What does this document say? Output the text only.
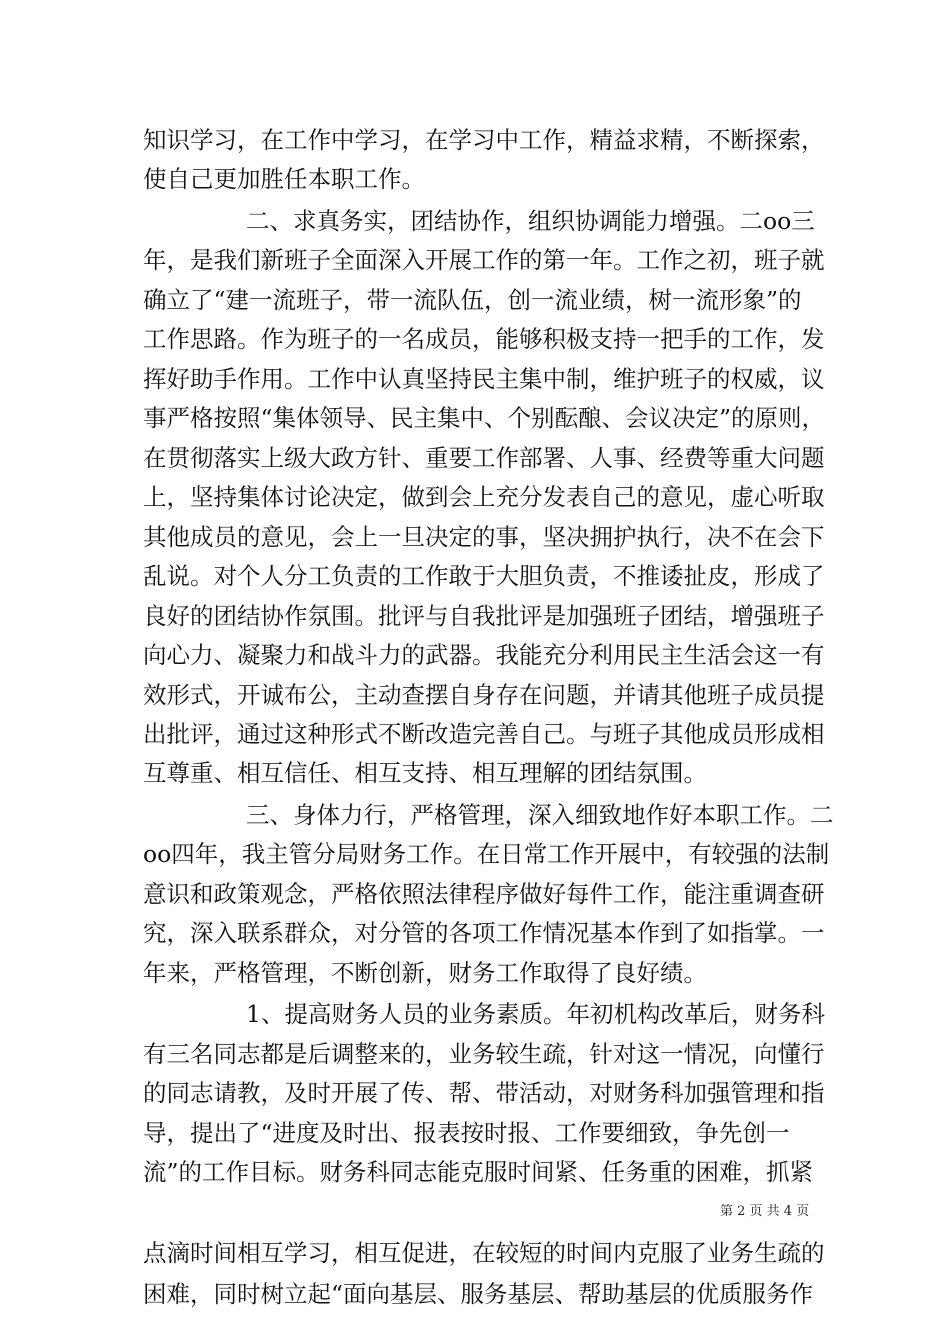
知识学习，在工作中学习，在学习中工作，精益求精，不断探索，
使自己更加胜任本职工作。
二、求真务实，团结协作，组织协调能力增强。二oo三
年，是我们新班子全面深入开展工作的第一年。工作之初，班子就
确立了“建一流班子，带一流队伍，创一流业绩，树一流形象”的
工作思路。作为班子的一名成员，能够积极支持一把手的工作，发
挥好助手作用。工作中认真坚持民主集中制，维护班子的权威，议
事严格按照“集体领导、民主集中、个别酝酿、会议决定”的原则，
在贯彻落实上级大政方针、重要工作部署、人事、经费等重大问题
上，坚持集体讨论决定，做到会上充分发表自己的意见，虚心听取
其他成员的意见，会上一旦决定的事，坚决拥护执行，决不在会下
乱说。对个人分工负责的工作敢于大胆负责，不推诿扯皮，形成了
良好的团结协作氛围。批评与自我批评是加强班子团结，增强班子
向心力、凝聚力和战斗力的武器。我能充分利用民主生活会这一有
效形式，开诚布公，主动查摆自身存在问题，并请其他班子成员提
出批评，通过这种形式不断改造完善自己。与班子其他成员形成相
互尊重、相互信任、相互支持、相互理解的团结氛围。
三、身体力行，严格管理，深入细致地作好本职工作。二
oo四年，我主管分局财务工作。在日常工作开展中，有较强的法制
意识和政策观念，严格依照法律程序做好每件工作，能注重调查研
究，深入联系群众，对分管的各项工作情况基本作到了如指掌。一
年来，严格管理，不断创新，财务工作取得了良好绩。
1、提高财务人员的业务素质。年初机构改革后，财务科
有三名同志都是后调整来的，业务较生疏，针对这一情况，向懂行
的同志请教，及时开展了传、帮、带活动，对财务科加强管理和指
导，提出了“进度及时出、报表按时报、工作要细致，争先创一
流”的工作目标。财务科同志能克服时间紧、任务重的困难，抓紧
点滴时间相互学习，相互促进，在较短的时间内克服了业务生疏的
困难，同时树立起“面向基层、服务基层、帮助基层的优质服务作
第 2 页 共 4 页
